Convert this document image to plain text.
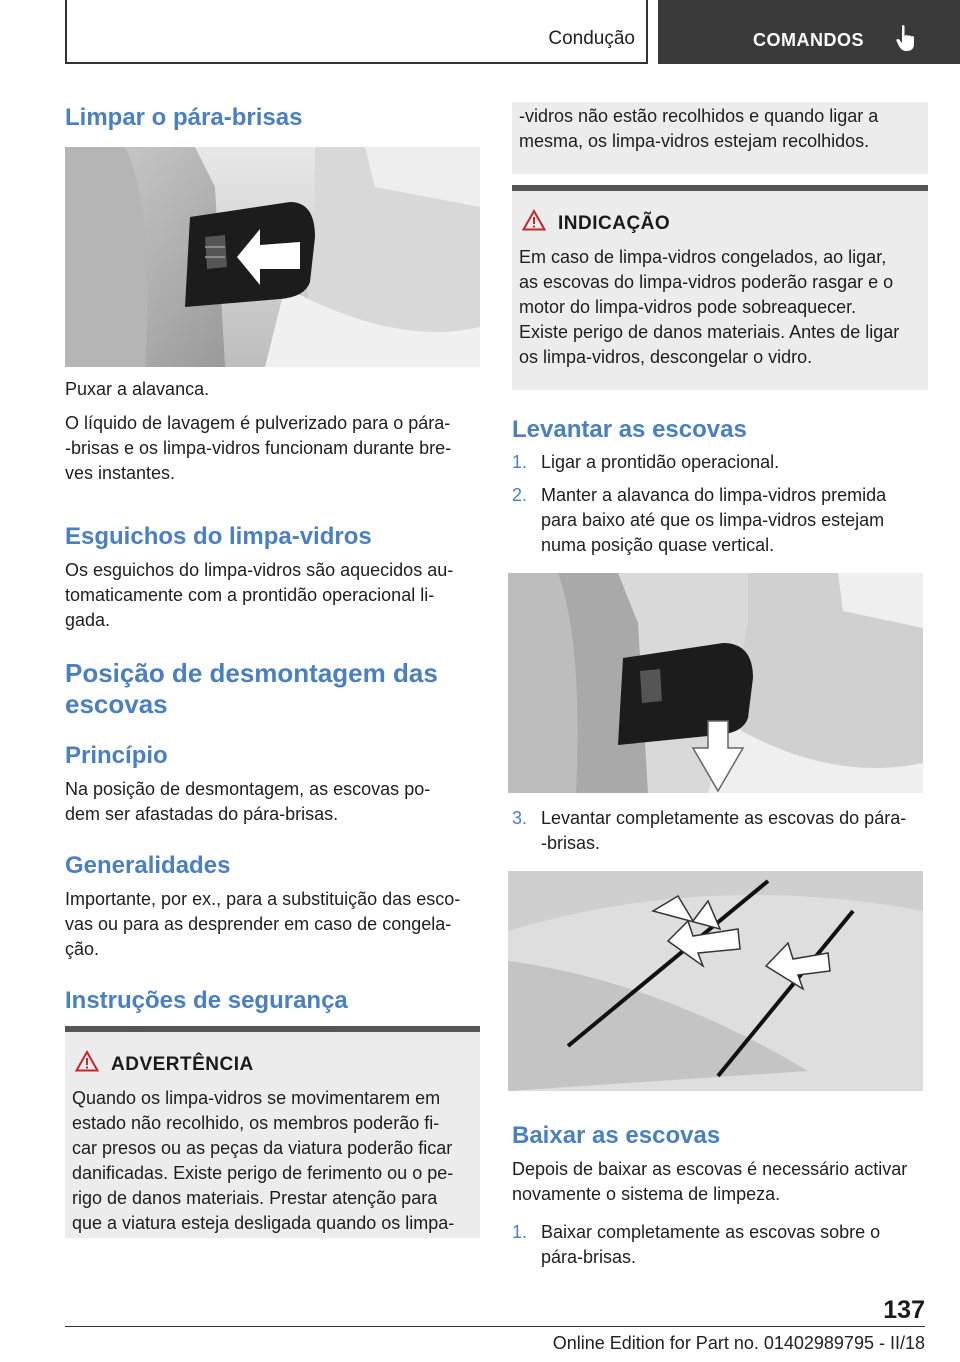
Condução	COMANDOS
Limpar o pára-brisas
Puxar a alavanca.
O líquido de lavagem é pulverizado para o pára-
-brisas e os limpa-vidros funcionam durante bre-
ves instantes.
Esguichos do limpa-vidros
Os esguichos do limpa-vidros são aquecidos au-
tomaticamente com a prontidão operacional li-
gada.
Posição de desmontagem das
escovas
Princípio
Na posição de desmontagem, as escovas po-
dem ser afastadas do pára-brisas.
Generalidades
Importante, por ex., para a substituição das esco-
vas ou para as desprender em caso de congela-
ção.
Instruções de segurança
ADVERTÊNCIA
Quando os limpa-vidros se movimentarem em
estado não recolhido, os membros poderão fi-
car presos ou as peças da viatura poderão ficar
danificadas. Existe perigo de ferimento ou o pe-
rigo de danos materiais. Prestar atenção para
que a viatura esteja desligada quando os limpa-
-vidros não estão recolhidos e quando ligar a
mesma, os limpa-vidros estejam recolhidos.
INDICAÇÃO
Em caso de limpa-vidros congelados, ao ligar,
as escovas do limpa-vidros poderão rasgar e o
motor do limpa-vidros pode sobreaquecer.
Existe perigo de danos materiais. Antes de ligar
os limpa-vidros, descongelar o vidro.
Levantar as escovas
1. Ligar a prontidão operacional.
2. Manter a alavanca do limpa-vidros premida
para baixo até que os limpa-vidros estejam
numa posição quase vertical.
3. Levantar completamente as escovas do pára-
-brisas.
Baixar as escovas
Depois de baixar as escovas é necessário activar
novamente o sistema de limpeza.
1. Baixar completamente as escovas sobre o
pára-brisas.
137
Online Edition for Part no. 01402989795 - II/18
